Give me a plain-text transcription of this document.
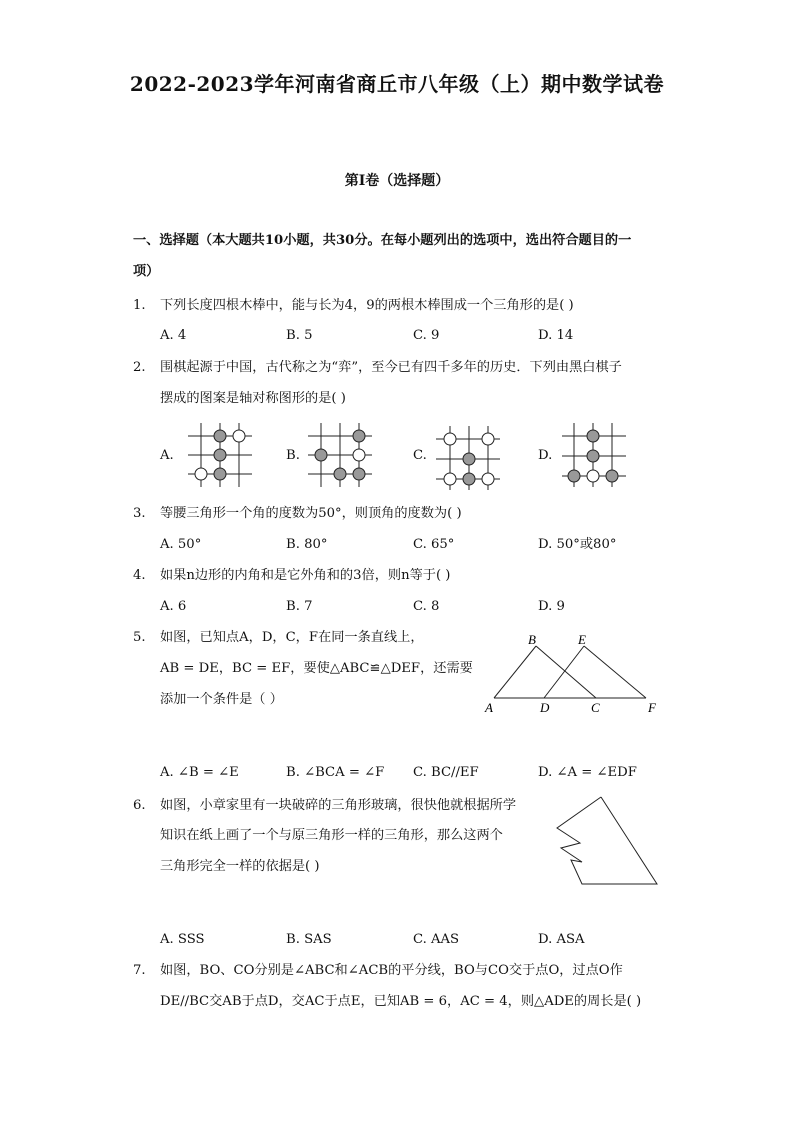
2022-2023学年河南省商丘市八年级（上）期中数学试卷
第I卷（选择题）
一、选择题（本大题共10小题，共30分。在每小题列出的选项中，选出符合题目的一
项）
1. 下列长度四根木棒中，能与长为4，9的两根木棒围成一个三角形的是( )
A. 4	B. 5	C. 9	D. 14
2. 围棋起源于中国，古代称之为“弈”，至今已有四千多年的历史．下列由黑白棋子
摆成的图案是轴对称图形的是( )
A.	B.	C.	D.
3. 等腰三角形一个角的度数为50°，则顶角的度数为( )
A. 50°	B. 80°	C. 65°	D. 50°或80°
4. 如果n边形的内角和是它外角和的3倍，则n等于( )
A. 6	B. 7	C. 8	D. 9
5. 如图，已知点A，D，C，F在同一条直线上，
AB = DE，BC = EF，要使△ABC≌△DEF，还需要
添加一个条件是（ ）
B	E
A	D	C	F
A. ∠B = ∠E	B. ∠BCA = ∠F C. BC//EF	D. ∠A = ∠EDF
6. 如图，小章家里有一块破碎的三角形玻璃，很快他就根据所学
知识在纸上画了一个与原三角形一样的三角形，那么这两个
三角形完全一样的依据是( )
A. SSS	B. SAS	C. AAS	D. ASA
7. 如图，BO、CO分别是∠ABC和∠ACB的平分线，BO与CO交于点O，过点O作
DE//BC交AB于点D，交AC于点E，已知AB = 6，AC = 4，则△ADE的周长是( )
